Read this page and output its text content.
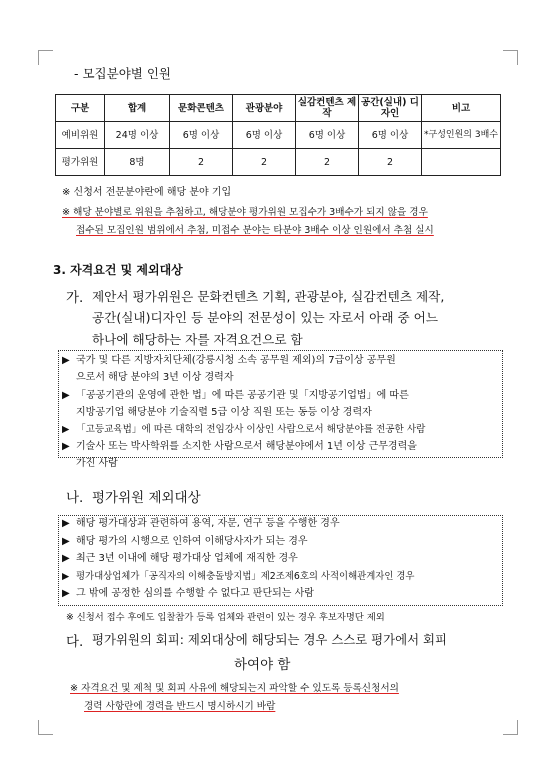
- 모집분야별 인원
구분	합계	문화콘텐츠	관광분야	실감컨텐츠 제작	공간(실내) 디자인	비고
예비위원	24명 이상	6명 이상	6명 이상	6명 이상	6명 이상	*구성인원의 3배수
평가위원	8명	2	2	2	2	
※ 신청서 전문분야란에 해당 분야 기입
※ 해당 분야별로 위원을 추첨하고, 해당분야 평가위원 모집수가 3배수가 되지 않을 경우
접수된 모집인원 범위에서 추첨, 미접수 분야는 타분야 3배수 이상 인원에서 추첨 실시
3. 자격요건 및 제외대상
가. 제안서 평가위원은 문화컨텐츠 기획, 관광분야, 실감컨텐츠 제작,
공간(실내)디자인 등 분야의 전문성이 있는 자로서 아래 중 어느
하나에 해당하는 자를 자격요건으로 함
▶ 국가 및 다른 지방자치단체(강릉시청 소속 공무원 제외)의 7급이상 공무원
으로서 해당 분야의 3년 이상 경력자
▶ 「공공기관의 운영에 관한 법」에 따른 공공기관 및「지방공기업법」에 따른
지방공기업 해당분야 기술직렬 5급 이상 직원 또는 동등 이상 경력자
▶ 「고등교육법」에 따른 대학의 전임강사 이상인 사람으로서 해당분야를 전공한 사람
▶ 기술사 또는 박사학위를 소지한 사람으로서 해당분야에서 1년 이상 근무경력을
가진 사람
나. 평가위원 제외대상
▶ 해당 평가대상과 관련하여 용역, 자문, 연구 등을 수행한 경우
▶ 해당 평가의 시행으로 인하여 이해당사자가 되는 경우
▶ 최근 3년 이내에 해당 평가대상 업체에 재직한 경우
▶ 평가대상업체가「공직자의 이해충돌방지법」제2조제6호의 사적이해관계자인 경우
▶ 그 밖에 공정한 심의를 수행할 수 없다고 판단되는 사람
※ 신청서 접수 후에도 입찰참가 등록 업체와 관련이 있는 경우 후보자명단 제외
다. 평가위원의 회피: 제외대상에 해당되는 경우 스스로 평가에서 회피
하여야 함
※ 자격요건 및 제척 및 회피 사유에 해당되는지 파악할 수 있도록 등록신청서의
경력 사항란에 경력을 반드시 명시하시기 바람
